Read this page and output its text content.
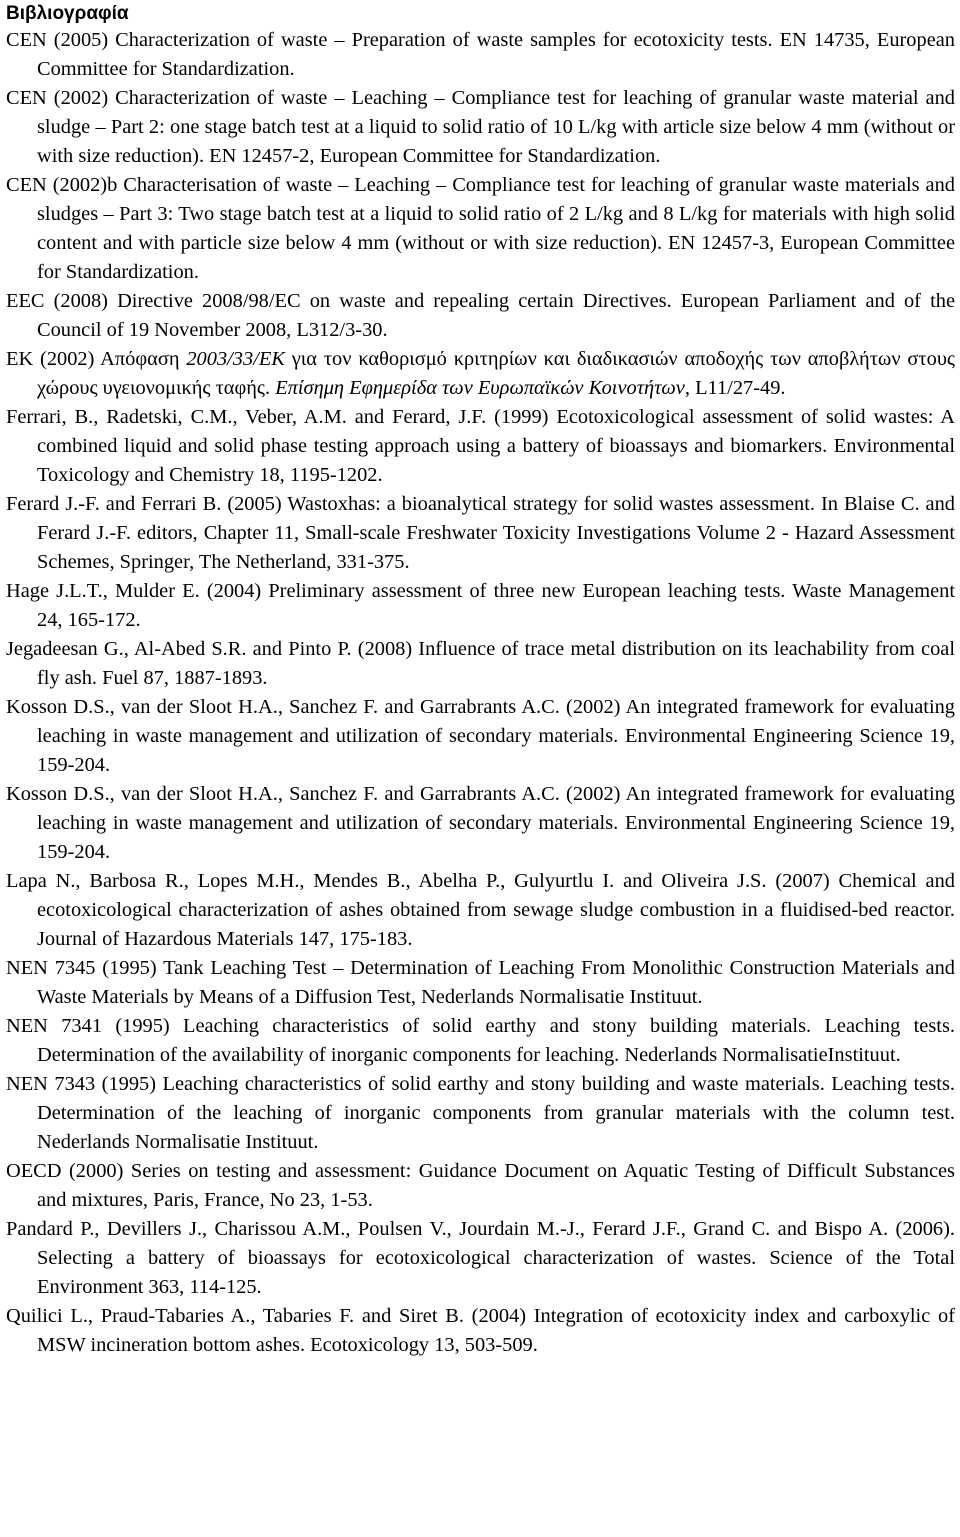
Βιβλιογραφία
CEN (2005) Characterization of waste – Preparation of waste samples for ecotoxicity tests. EN 14735, European Committee for Standardization.
CEN (2002) Characterization of waste – Leaching – Compliance test for leaching of granular waste material and sludge – Part 2: one stage batch test at a liquid to solid ratio of 10 L/kg with article size below 4 mm (without or with size reduction). EN 12457-2, European Committee for Standardization.
CEN (2002)b Characterisation of waste – Leaching – Compliance test for leaching of granular waste materials and sludges – Part 3: Two stage batch test at a liquid to solid ratio of 2 L/kg and 8 L/kg for materials with high solid content and with particle size below 4 mm (without or with size reduction). EN 12457-3, European Committee for Standardization.
EEC (2008) Directive 2008/98/EC on waste and repealing certain Directives. European Parliament and of the Council of 19 November 2008, L312/3-30.
ΕΚ (2002) Απόφαση 2003/33/ΕΚ για τον καθορισμό κριτηρίων και διαδικασιών αποδοχής των αποβλήτων στους χώρους υγειονομικής ταφής. Επίσημη Εφημερίδα των Ευρωπαϊκών Κοινοτήτων, L11/27-49.
Ferrari, B., Radetski, C.M., Veber, A.M. and Ferard, J.F. (1999) Ecotoxicological assessment of solid wastes: A combined liquid and solid phase testing approach using a battery of bioassays and biomarkers. Environmental Toxicology and Chemistry 18, 1195-1202.
Ferard J.-F. and Ferrari B. (2005) Wastoxhas: a bioanalytical strategy for solid wastes assessment. In Blaise C. and Ferard J.-F. editors, Chapter 11, Small-scale Freshwater Toxicity Investigations Volume 2 - Hazard Assessment Schemes, Springer, The Netherland, 331-375.
Hage J.L.T., Mulder E. (2004) Preliminary assessment of three new European leaching tests. Waste Management 24, 165-172.
Jegadeesan G., Al-Abed S.R. and Pinto P. (2008) Influence of trace metal distribution on its leachability from coal fly ash. Fuel 87, 1887-1893.
Kosson D.S., van der Sloot H.A., Sanchez F. and Garrabrants A.C. (2002) An integrated framework for evaluating leaching in waste management and utilization of secondary materials. Environmental Engineering Science 19, 159-204.
Kosson D.S., van der Sloot H.A., Sanchez F. and Garrabrants A.C. (2002) An integrated framework for evaluating leaching in waste management and utilization of secondary materials. Environmental Engineering Science 19, 159-204.
Lapa N., Barbosa R., Lopes M.H., Mendes B., Abelha P., Gulyurtlu I. and Oliveira J.S. (2007) Chemical and ecotoxicological characterization of ashes obtained from sewage sludge combustion in a fluidised-bed reactor. Journal of Hazardous Materials 147, 175-183.
NEN 7345 (1995) Tank Leaching Test – Determination of Leaching From Monolithic Construction Materials and Waste Materials by Means of a Diffusion Test, Nederlands Normalisatie Instituut.
NEN 7341 (1995) Leaching characteristics of solid earthy and stony building materials. Leaching tests. Determination of the availability of inorganic components for leaching. Nederlands NormalisatieInstituut.
NEN 7343 (1995) Leaching characteristics of solid earthy and stony building and waste materials. Leaching tests. Determination of the leaching of inorganic components from granular materials with the column test. Nederlands Normalisatie Instituut.
OECD (2000) Series on testing and assessment: Guidance Document on Aquatic Testing of Difficult Substances and mixtures, Paris, France, No 23, 1-53.
Pandard P., Devillers J., Charissou A.M., Poulsen V., Jourdain M.-J., Ferard J.F., Grand C. and Bispo A. (2006). Selecting a battery of bioassays for ecotoxicological characterization of wastes. Science of the Total Environment 363, 114-125.
Quilici L., Praud-Tabaries A., Tabaries F. and Siret B. (2004) Integration of ecotoxicity index and carboxylic of MSW incineration bottom ashes. Ecotoxicology 13, 503-509.
